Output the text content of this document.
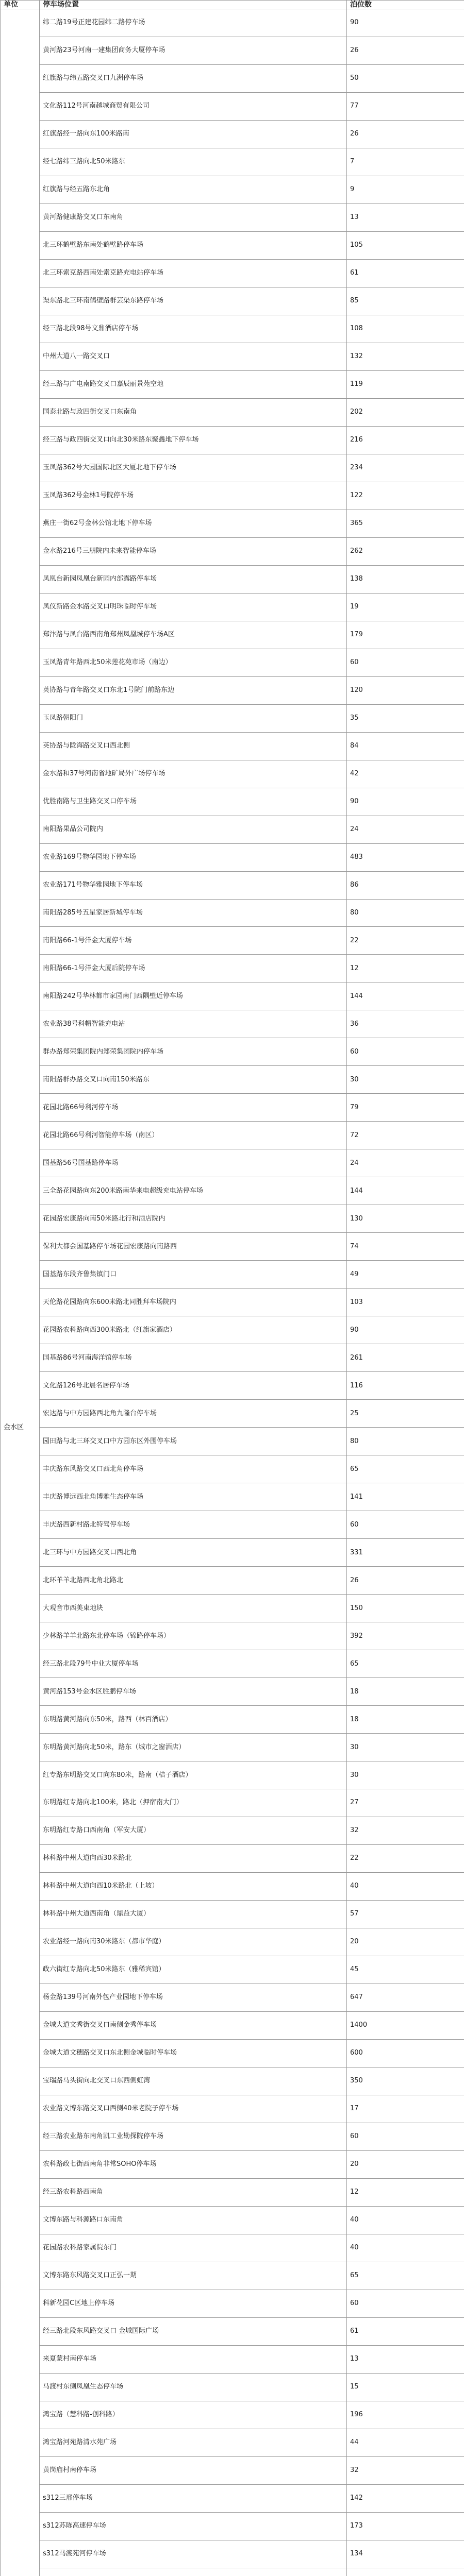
单位	停车场位置	泊位数
金水区	纬二路19号正建花园纬二路停车场	90
	黄河路23号河南一建集团商务大厦停车场	26
	红旗路与纬五路交叉口九洲停车场	50
	文化路112号河南越城商贸有限公司	77
	红旗路经一路向东100米路南	26
	经七路纬三路向北50米路东	7
	红旗路与经五路东北角	9
	黄河路健康路交叉口东南角	13
	北三环鹤壁路东南处鹤壁路停车场	105
	北三环索克路西南处索克路充电站停车场	61
	渠东路北三环南鹤壁路群芸渠东路停车场	85
	经三路北段98号文鼎酒店停车场	108
	中州大道八一路交叉口	132
	经三路与广电南路交叉口嘉辰丽景苑空地	119
	国泰北路与政四街交叉口东南角	202
	经三路与政四街交叉口向北30米路东聚鑫地下停车场	216
	玉凤路362号大园国际北区大厦北地下停车场	234
	玉凤路362号金林1号院停车场	122
	燕庄一街62号金林公馆北地下停车场	365
	金水路216号三朋院内未来智能停车场	262
	凤凰台新园凤凰台新园内部露路停车场	138
	凤仪新路金水路交叉口明珠临时停车场	19
	郑汴路与凤台路西南角郑州凤凰城停车场A区	179
	玉凤路青年路西北50米莲花苑市场（南边）	60
	英协路与青年路交叉口东北1号院门前路东边	120
	玉凤路朝阳门	35
	英协路与陇海路交叉口西北侧	84
	金水路和37号河南省地矿局外广场停车场	42
	优胜南路与卫生路交叉口停车场	90
	南阳路果品公司院内	24
	农业路169号物华园地下停车场	483
	农业路171号物华雅园地下停车场	86
	南阳路285号五星家居新城停车场	80
	南阳路66-1号洋金大厦停车场	22
	南阳路66-1号洋金大厦后院停车场	12
	南阳路242号华林都市家园南门西隅壁近停车场	144
	农业路38号科帽智能充电站	36
	群办路郑荣集团院内郑荣集团院内停车场	60
	南阳路群办路交叉口向南150米路东	30
	花园北路66号利河停车场	79
	花园北路66号利河智能停车场（南区）	72
	国基路56号国基路停车场	24
	三全路花园路向东200米路南华来电超级充电站停车场	144
	花园路宏康路向南50米路北行和酒店院内	130
	保利大都会国基路停车场花园宏康路向南路西	74
	国基路东段齐鲁集镇门口	49
	天伦路花园路向东600米路北同胜拜车场院内	103
	花园路农科路向西300米路北（红旗家酒店）	90
	国基路86号河南海洋馆停车场	261
	文化路126号北晨名居停车场	116
	宏达路与中方园路西北角九隆台停车场	25
	园田路与北三环交叉口中方园东区外围停车场	80
	丰庆路东风路交叉口西北角停车场	65
	丰庆路博远西北角博雅生态停车场	141
	丰庆路西新村路北特驾停车场	60
	北三环与中方园路交叉口西北角	331
	北环羊羊北路西北角北路北	26
	大观音市西美東地块	150
	少林路羊羊北路东北停车场（锦路停车场）	392
	经三路北段79号中业大厦停车场	65
	黄河路153号金水区胜鹏停车场	18
	东明路黄河路向东50米，路西（林百酒店）	18
	东明路黄河路向北50米，路东（城市之窗酒店）	30
	红专路东明路交叉口向东80米，路南（桔子酒店）	30
	东明路红专路向北100米，路北（押宿南大门）	27
	东明路红专路口西南角（军安大厦）	32
	林科路中州大道向西30米路北	22
	林科路中州大道向西10米路北（上坡）	40
	林科路中州大道西南角（鼎益大厦）	57
	农业路经一路向南30米路东（都市华庭）	20
	政六街红专路向北50米路东（雅稀宾馆）	45
	杨金路139号河南外包产业园地下停车场	647
	金城大道文秀街交叉口南侧金秀停车场	1400
	金城大道文穗路交叉口东北侧金城临时停车场	600
	宝瑞路马头街向北交叉口东西侧虹湾	350
	农业路文博东路交叉口西侧40米老院子停车场	17
	经三路农业路东南角凯工业勘探院停车场	60
	农科路政七街西南角非常SOHO停车场	20
	经三路农科路西南角	12
	文博东路与科源路口东南角	40
	花园路农科路家属院东门	40
	文博东路东风路交叉口正弘一期	65
	科新花园C区地上停车场	60
	经三路北段东风路交叉口 金城国际广场	61
	来夏蒙村南停车场	13
	马渡村东侧凤凰生态停车场	15
	鸿宝路（慧科路-创科路）	196
	鸿宝路河苑路清水苑广场	44
	黄岗庙村南停车场	32
	s312三邢停车场	142
	s312苏陈高速停车场	173
	s312马渡苑河停车场	134
